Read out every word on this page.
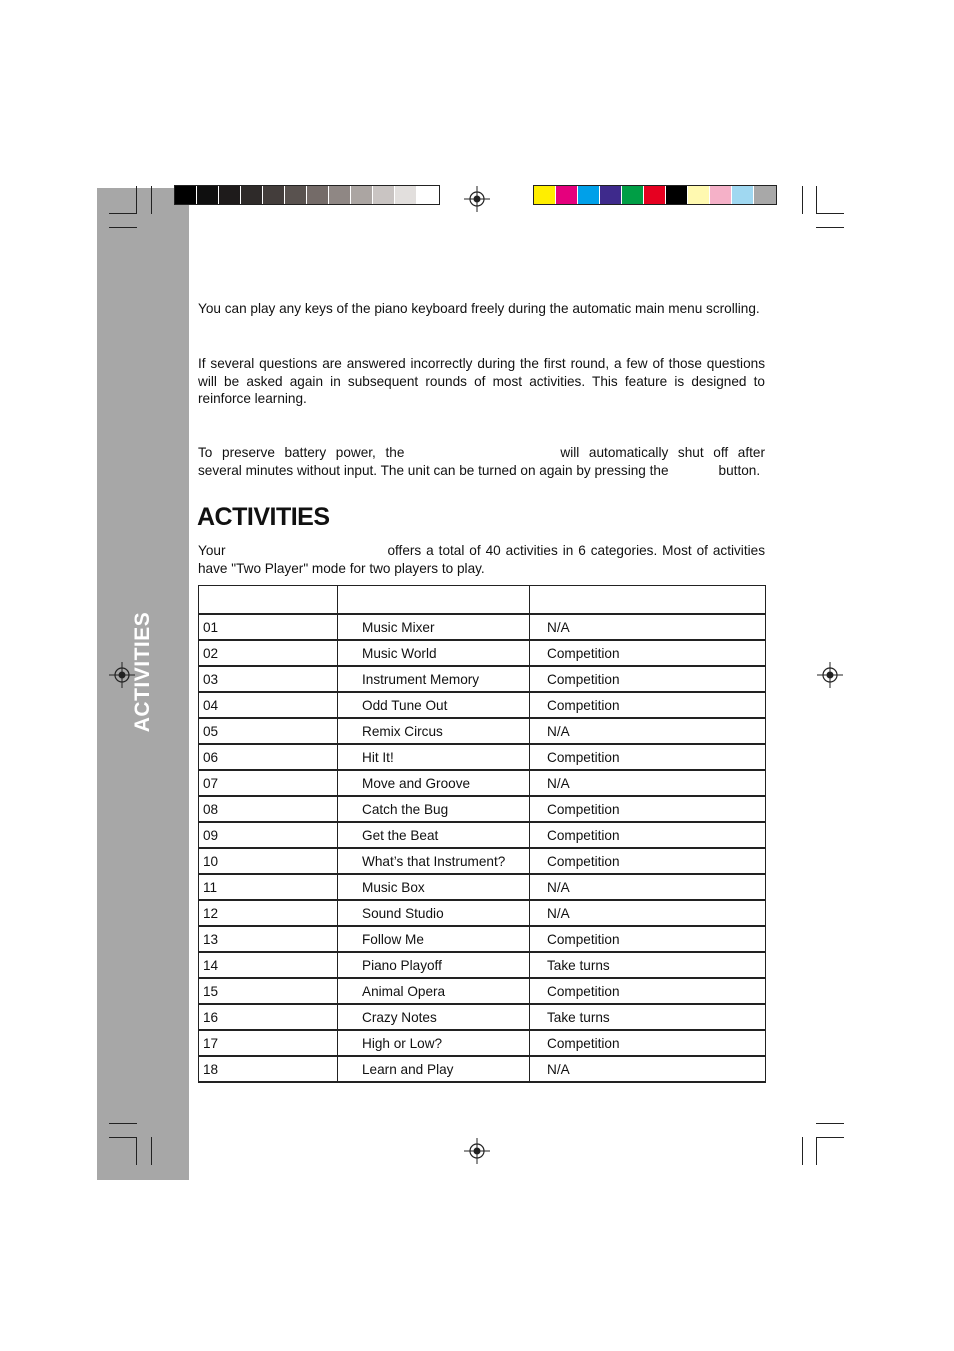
ACTIVITIES

You can play any keys of the piano keyboard freely during the automatic main menu scrolling.

If several questions are answered incorrectly during the first round, a few of those questions will be asked again in subsequent rounds of most activities. This feature is designed to reinforce learning.

To preserve battery power, the	will automatically shut off after several minutes without input. The unit can be turned on again by pressing the	button.

ACTIVITIES

Your	offers a total of 40 activities in 6 categories. Most of activities have "Two Player" mode for two players to play.

01	Music Mixer	N/A
02	Music World	Competition
03	Instrument Memory	Competition
04	Odd Tune Out	Competition
05	Remix Circus	N/A
06	Hit It!	Competition
07	Move and Groove	N/A
08	Catch the Bug	Competition
09	Get the Beat	Competition
10	What’s that Instrument?	Competition
11	Music Box	N/A
12	Sound Studio	N/A
13	Follow Me	Competition
14	Piano Playoff	Take turns
15	Animal Opera	Competition
16	Crazy Notes	Take turns
17	High or Low?	Competition
18	Learn and Play	N/A
